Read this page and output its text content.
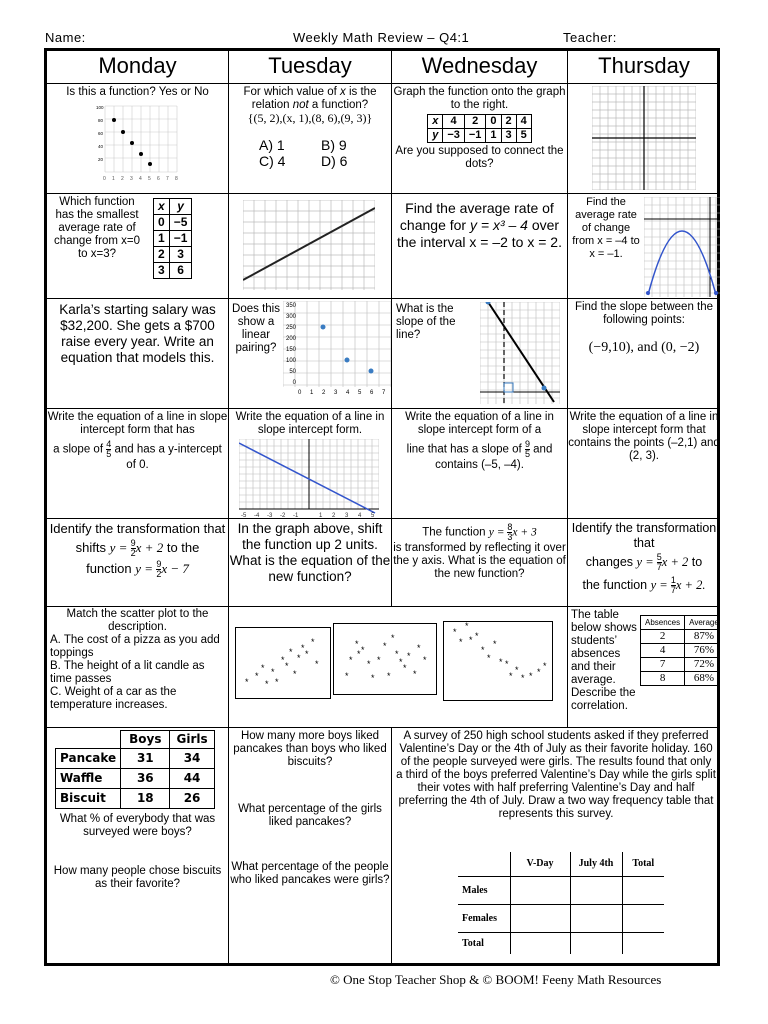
Name:	Weekly Math Review – Q4:1	Teacher:
Monday	Tuesday	Wednesday	Thursday
Is this a function? Yes or No
100
80
60
40
20
0 1 2 3 4 5 6 7 8
For which value of x is the relation not a function?
{(5, 2),(x, 1),(8, 6),(9, 3)}
A) 1	B) 9
C) 4	D) 6
Graph the function onto the graph to the right.
x	4	2	0	2	4
y	−3	−1	1	3	5
Are you supposed to connect the dots?
Which function has the smallest average rate of change from x=0 to x=3?
x	y
0	−5
1	−1
2	3
3	6
Find the average rate of change for y = x³ – 4 over the interval x = –2 to x = 2.
Find the average rate of change from x = –4 to x = –1.
Karla’s starting salary was $32,200. She gets a $700 raise every year. Write an equation that models this.
Does this show a linear pairing?
350
300
250
200
150
100
50
0
0 1 2 3 4 5 6 7
What is the slope of the line?
Find the slope between the following points:
(−9,10), and (0, −2)
Write the equation of a line in slope intercept form that has
a slope of $\frac{4}{5}$ and has a y-intercept of 0.
Write the equation of a line in slope intercept form.
-5 -4 -3 -2 -1	1 2 3 4 5
Write the equation of a line in slope intercept form of a
line that has a slope of $\frac{9}{5}$ and contains (–5, –4).
Write the equation of a line in slope intercept form that contains the points (–2,1) and (2, 3).
Identify the transformation that
shifts $y = \frac{9}{2}$ x + 2 to the
function $y = \frac{9}{2}$ x − 7
In the graph above, shift the function up 2 units. What is the equation of the new function?
The function $y = \frac{8}{3}$ x + 3
is transformed by reflecting it over the y axis. What is the equation of the new function?
Identify the transformation that
changes $y = \frac{5}{7}$ x + 2 to
the function $y = \frac{1}{7}$ x + 2.
Match the scatter plot to the description.
A. The cost of a pizza as you add toppings
B. The height of a lit candle as time passes
C. Weight of a car as the temperature increases.
*
*
*
*
*
*
*
*
*
*
*
*
*
*
*
*
*
*
* *
*
*
*
*
*
*
*
*
*
*
*
*
*
*
*
*
* *
*
*
*
* *
*
*
* * *
*
The table below shows students’ absences and their average. Describe the correlation.
Absences	Average
2	87%
4	76%
7	72%
8	68%
	Boys	Girls
Pancake	31	34
Waffle	36	44
Biscuit	18	26
What % of everybody that was surveyed were boys?
How many people chose biscuits as their favorite?
How many more boys liked pancakes than boys who liked biscuits?
What percentage of the girls liked pancakes?
What percentage of the people who liked pancakes were girls?
A survey of 250 high school students asked if they preferred Valentine’s Day or the 4th of July as their favorite holiday. 160 of the people surveyed were girls. The results found that only a third of the boys preferred Valentine’s Day while the girls split their votes with half preferring Valentine’s Day and half preferring the 4th of July. Draw a two way frequency table that represents this survey.
	V-Day	July 4th	Total
Males			
Females			
Total			
© One Stop Teacher Shop & © BOOM! Feeny Math Resources
